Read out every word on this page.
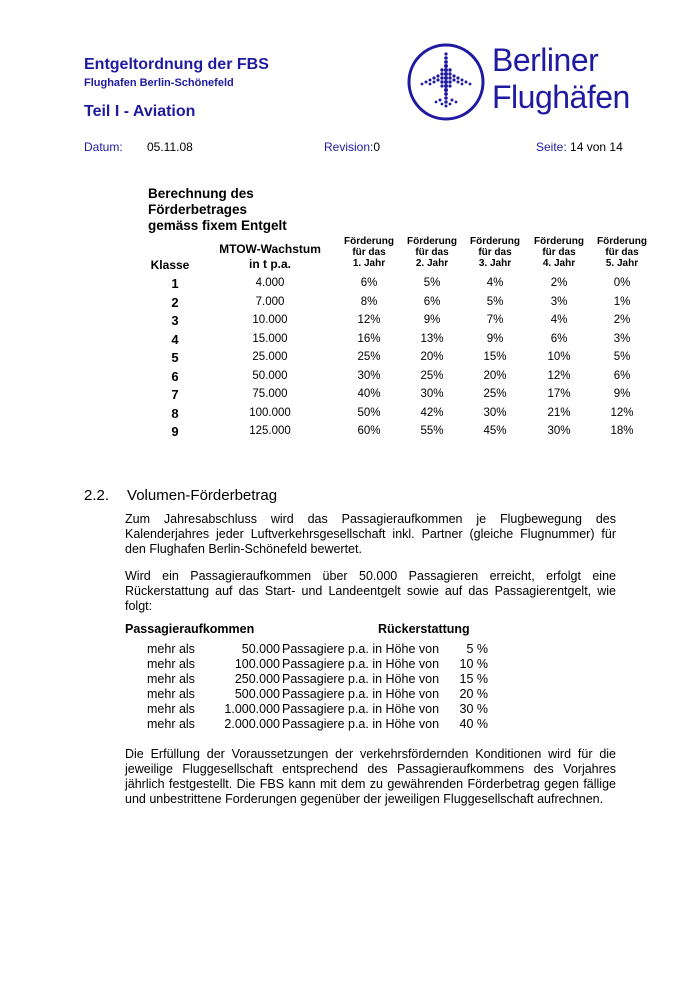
Entgeltordnung der FBS
Flughafen Berlin-Schönefeld
Teil I - Aviation
Datum: 05.11.08	Revision:0	Seite: 14 von 14
Berliner
Flughäfen
Berechnung des
Förderbetrages
gemäss fixem Entgelt
Klasse
MTOW-Wachstum
in t p.a.
Förderung
für das
1. Jahr
Förderung
für das
2. Jahr
Förderung
für das
3. Jahr
Förderung
für das
4. Jahr
Förderung
für das
5. Jahr
1	4.000	6%	5%	4%	2%	0%
2	7.000	8%	6%	5%	3%	1%
3	10.000	12%	9%	7%	4%	2%
4	15.000	16%	13%	9%	6%	3%
5	25.000	25%	20%	15%	10%	5%
6	50.000	30%	25%	20%	12%	6%
7	75.000	40%	30%	25%	17%	9%
8	100.000	50%	42%	30%	21%	12%
9	125.000	60%	55%	45%	30%	18%
2.2. Volumen-Förderbetrag
Zum Jahresabschluss wird das Passagieraufkommen je Flugbewegung des Kalenderjahres jeder Luftverkehrsgesellschaft inkl. Partner (gleiche Flugnummer) für den Flughafen Berlin-Schönefeld bewertet.
Wird ein Passagieraufkommen über 50.000 Passagieren erreicht, erfolgt eine Rückerstattung auf das Start- und Landeentgelt sowie auf das Passagierentgelt, wie folgt:
Passagieraufkommen	Rückerstattung
mehr als	50.000 Passagiere p.a. in Höhe von	5 %
mehr als	100.000 Passagiere p.a. in Höhe von	10 %
mehr als	250.000 Passagiere p.a. in Höhe von	15 %
mehr als	500.000 Passagiere p.a. in Höhe von	20 %
mehr als	1.000.000 Passagiere p.a. in Höhe von	30 %
mehr als	2.000.000 Passagiere p.a. in Höhe von	40 %
Die Erfüllung der Voraussetzungen der verkehrsfördernden Konditionen wird für die jeweilige Fluggesellschaft entsprechend des Passagieraufkommens des Vorjahres jährlich festgestellt. Die FBS kann mit dem zu gewährenden Förderbetrag gegen fällige und unbestrittene Forderungen gegenüber der jeweiligen Fluggesellschaft aufrechnen.
